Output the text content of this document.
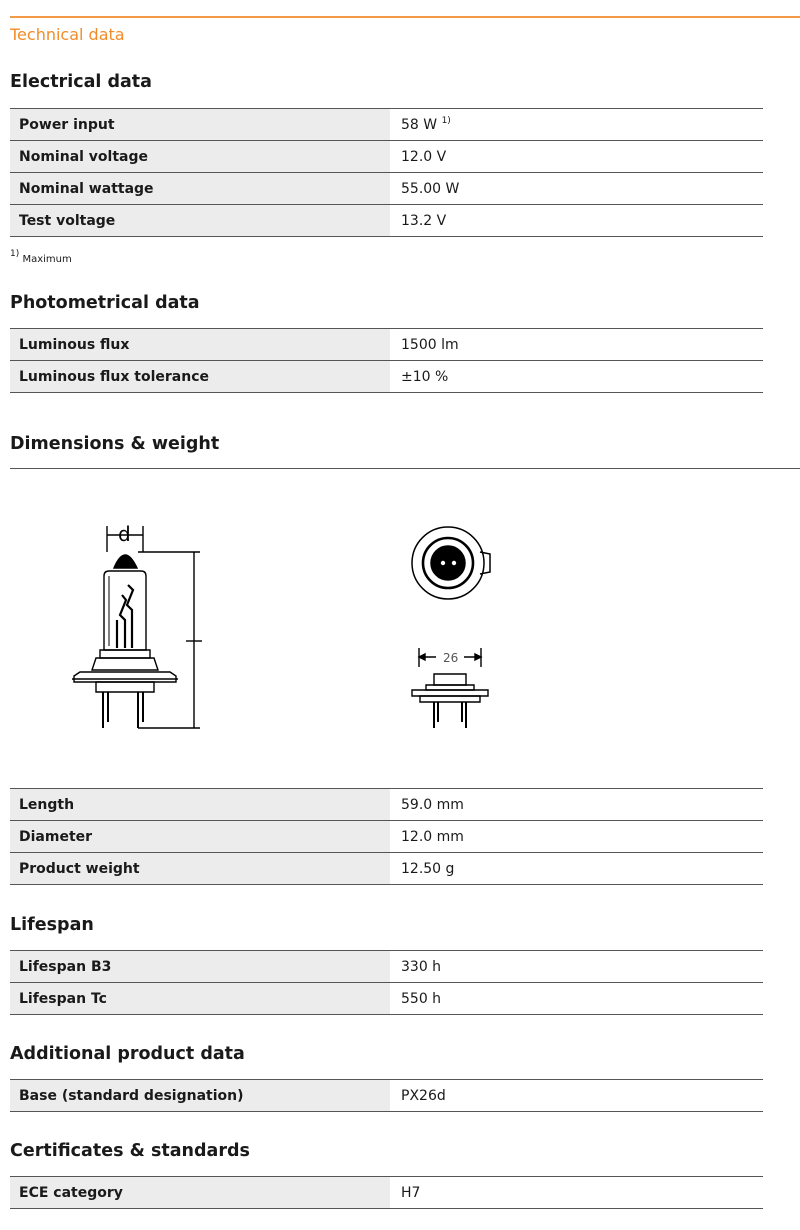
Technical data
Electrical data
Power input	58 W $^{1)}$
Nominal voltage	12.0 V
Nominal wattage	55.00 W
Test voltage	13.2 V
$^{1)}$ Maximum
Photometrical data
Luminous flux	1500 lm
Luminous flux tolerance	±10 %
Dimensions & weight
d
26
Length	59.0 mm
Diameter	12.0 mm
Product weight	12.50 g
Lifespan
Lifespan B3	330 h
Lifespan Tc	550 h
Additional product data
Base (standard designation)	PX26d
Certificates & standards
ECE category	H7
